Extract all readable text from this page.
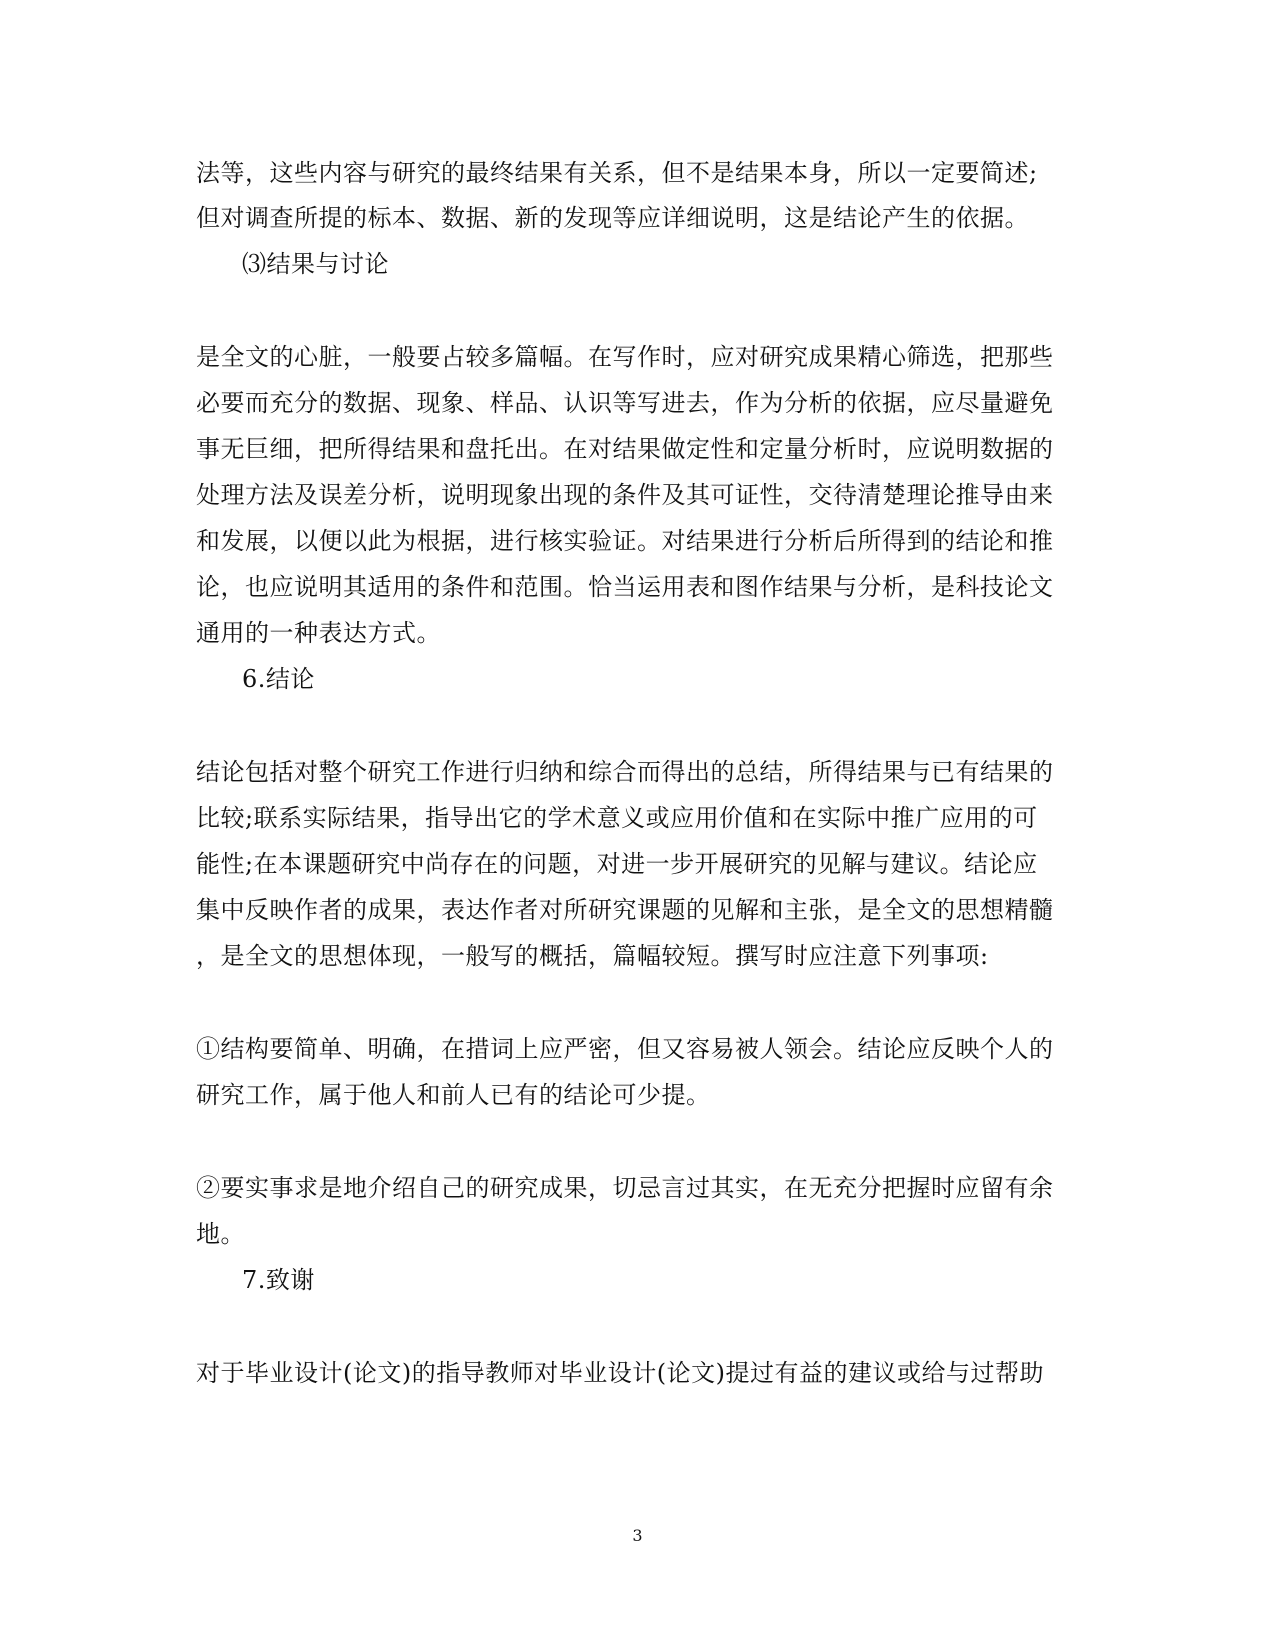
法等，这些内容与研究的最终结果有关系，但不是结果本身，所以一定要简述;
但对调查所提的标本、数据、新的发现等应详细说明，这是结论产生的依据。
⑶结果与讨论
是全文的心脏，一般要占较多篇幅。在写作时，应对研究成果精心筛选，把那些
必要而充分的数据、现象、样品、认识等写进去，作为分析的依据，应尽量避免
事无巨细，把所得结果和盘托出。在对结果做定性和定量分析时，应说明数据的
处理方法及误差分析，说明现象出现的条件及其可证性，交待清楚理论推导由来
和发展，以便以此为根据，进行核实验证。对结果进行分析后所得到的结论和推
论，也应说明其适用的条件和范围。恰当运用表和图作结果与分析，是科技论文
通用的一种表达方式。
6.结论
结论包括对整个研究工作进行归纳和综合而得出的总结，所得结果与已有结果的
比较;联系实际结果，指导出它的学术意义或应用价值和在实际中推广应用的可
能性;在本课题研究中尚存在的问题，对进一步开展研究的见解与建议。结论应
集中反映作者的成果，表达作者对所研究课题的见解和主张，是全文的思想精髓
，是全文的思想体现，一般写的概括，篇幅较短。撰写时应注意下列事项:
①结构要简单、明确，在措词上应严密，但又容易被人领会。结论应反映个人的
研究工作，属于他人和前人已有的结论可少提。
②要实事求是地介绍自己的研究成果，切忌言过其实，在无充分把握时应留有余
地。
7.致谢
对于毕业设计(论文)的指导教师对毕业设计(论文)提过有益的建议或给与过帮助
3
